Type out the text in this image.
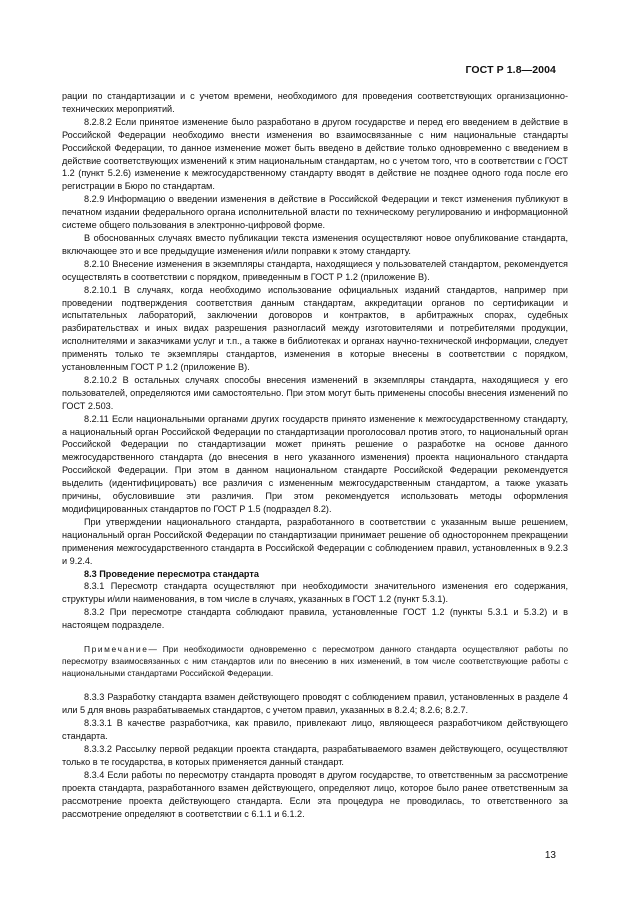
ГОСТ Р 1.8—2004

рации по стандартизации и с учетом времени, необходимого для проведения соответствующих организационно-технических мероприятий.

8.2.8.2 Если принятое изменение было разработано в другом государстве и перед его введением в действие в Российской Федерации необходимо внести изменения во взаимосвязанные с ним национальные стандарты Российской Федерации, то данное изменение может быть введено в действие только одновременно с введением в действие соответствующих изменений к этим национальным стандартам, но с учетом того, что в соответствии с ГОСТ 1.2 (пункт 5.2.6) изменение к межгосударственному стандарту вводят в действие не позднее одного года после его регистрации в Бюро по стандартам.

8.2.9 Информацию о введении изменения в действие в Российской Федерации и текст изменения публикуют в печатном издании федерального органа исполнительной власти по техническому регулированию и информационной системе общего пользования в электронно-цифровой форме.

В обоснованных случаях вместо публикации текста изменения осуществляют новое опубликование стандарта, включающее это и все предыдущие изменения и/или поправки к этому стандарту.

8.2.10 Внесение изменения в экземпляры стандарта, находящиеся у пользователей стандартом, рекомендуется осуществлять в соответствии с порядком, приведенным в ГОСТ Р 1.2 (приложение В).

8.2.10.1 В случаях, когда необходимо использование официальных изданий стандартов, например при проведении подтверждения соответствия данным стандартам, аккредитации органов по сертификации и испытательных лабораторий, заключении договоров и контрактов, в арбитражных спорах, судебных разбирательствах и иных видах разрешения разногласий между изготовителями и потребителями продукции, исполнителями и заказчиками услуг и т.п., а также в библиотеках и органах научно-технической информации, следует применять только те экземпляры стандартов, изменения в которые внесены в соответствии с порядком, установленным ГОСТ Р 1.2 (приложение В).

8.2.10.2 В остальных случаях способы внесения изменений в экземпляры стандарта, находящиеся у его пользователей, определяются ими самостоятельно. При этом могут быть применены способы внесения изменений по ГОСТ 2.503.

8.2.11 Если национальными органами других государств принято изменение к межгосударственному стандарту, а национальный орган Российской Федерации по стандартизации проголосовал против этого, то национальный орган Российской Федерации по стандартизации может принять решение о разработке на основе данного межгосударственного стандарта (до внесения в него указанного изменения) проекта национального стандарта Российской Федерации. При этом в данном национальном стандарте Российской Федерации рекомендуется выделить (идентифицировать) все различия с измененным межгосударственным стандартом, а также указать причины, обусловившие эти различия. При этом рекомендуется использовать методы оформления модифицированных стандартов по ГОСТ Р 1.5 (подраздел 8.2).

При утверждении национального стандарта, разработанного в соответствии с указанным выше решением, национальный орган Российской Федерации по стандартизации принимает решение об одностороннем прекращении применения межгосударственного стандарта в Российской Федерации с соблюдением правил, установленных в 9.2.3 и 9.2.4.

8.3 Проведение пересмотра стандарта

8.3.1 Пересмотр стандарта осуществляют при необходимости значительного изменения его содержания, структуры и/или наименования, в том числе в случаях, указанных в ГОСТ 1.2 (пункт 5.3.1).

8.3.2 При пересмотре стандарта соблюдают правила, установленные ГОСТ 1.2 (пункты 5.3.1 и 5.3.2) и в настоящем подразделе.

Примечание— При необходимости одновременно с пересмотром данного стандарта осуществляют работы по пересмотру взаимосвязанных с ним стандартов или по внесению в них изменений, в том числе соответствующие работы с национальными стандартами Российской Федерации.

8.3.3 Разработку стандарта взамен действующего проводят с соблюдением правил, установленных в разделе 4 или 5 для вновь разрабатываемых стандартов, с учетом правил, указанных в 8.2.4; 8.2.6; 8.2.7.

8.3.3.1 В качестве разработчика, как правило, привлекают лицо, являющееся разработчиком действующего стандарта.

8.3.3.2 Рассылку первой редакции проекта стандарта, разрабатываемого взамен действующего, осуществляют только в те государства, в которых применяется данный стандарт.

8.3.4 Если работы по пересмотру стандарта проводят в другом государстве, то ответственным за рассмотрение проекта стандарта, разработанного взамен действующего, определяют лицо, которое было ранее ответственным за рассмотрение проекта действующего стандарта. Если эта процедура не проводилась, то ответственного за рассмотрение определяют в соответствии с 6.1.1 и 6.1.2.

13
